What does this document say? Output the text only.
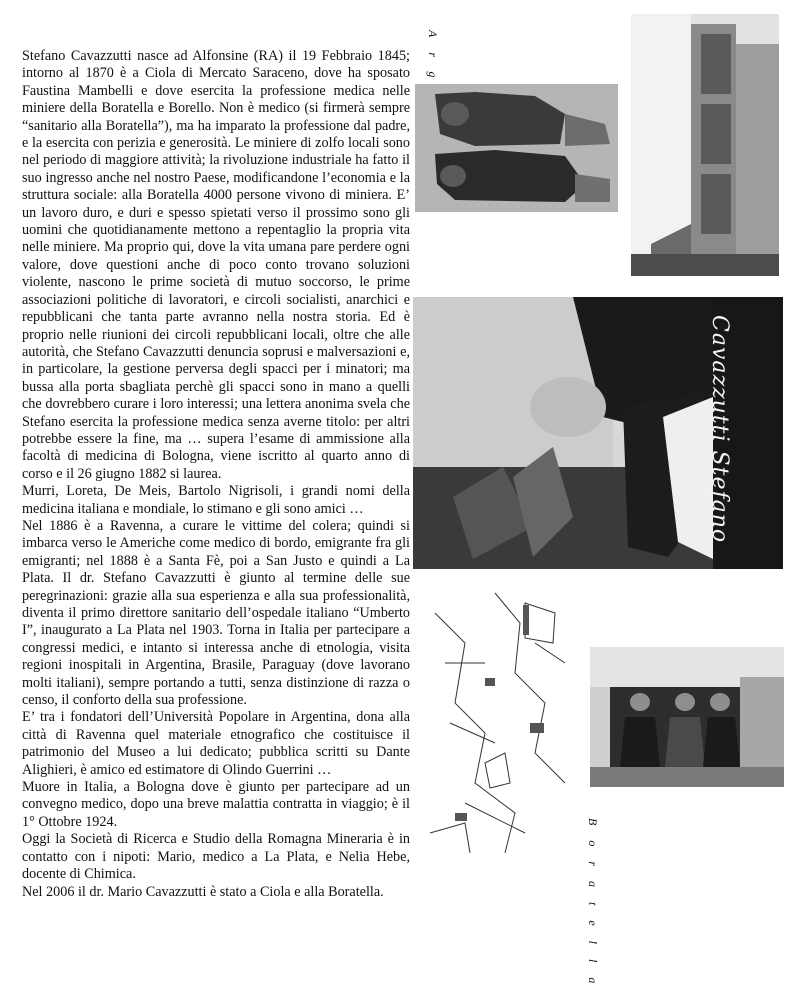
Stefano Cavazzutti nasce ad Alfonsine (RA) il 19 Febbraio 1845; intorno al 1870 è a Ciola di Mercato Saraceno, dove ha sposato Faustina Mambelli e dove esercita la professione medica nelle miniere della Boratella e Borello. Non è medico (si firmerà sempre “sanitario alla Boratella”), ma ha imparato la professione dal padre, e la esercita con perizia e generosità. Le miniere di zolfo locali sono nel periodo di maggiore attività; la rivoluzione industriale ha fatto il suo ingresso anche nel nostro Paese, modificandone l’economia e la struttura sociale: alla Boratella 4000 persone vivono di miniera. E’ un lavoro duro, e duri e spesso spietati verso il prossimo sono gli uomini che quotidianamente mettono a repentaglio la propria vita nelle miniere. Ma proprio qui, dove la vita umana pare perdere ogni valore, dove questioni anche di poco conto trovano soluzioni violente, nascono le prime società di mutuo soccorso, le prime associazioni politiche di lavoratori, e circoli socialisti, anarchici e repubblicani che tanta parte avranno nella nostra storia. Ed è proprio nelle riunioni dei circoli repubblicani locali, oltre che alle autorità, che Stefano Cavazzutti denuncia soprusi e malversazioni e, in particolare, la gestione perversa degli spacci per i minatori; ma bussa alla porta sbagliata perchè gli spacci sono in mano a quelli che dovrebbero curare i loro interessi; una lettera anonima svela che Stefano esercita la professione medica senza averne titolo: per altri potrebbe essere la fine, ma … supera l’esame di ammissione alla facoltà di medicina di Bologna, viene iscritto al quarto anno di corso e il 26 giugno 1882 si laurea.

Murri, Loreta, De Meis, Bartolo Nigrisoli, i grandi nomi della medicina italiana e mondiale, lo stimano e gli sono amici …

Nel 1886 è a Ravenna, a curare le vittime del colera; quindi si imbarca verso le Americhe come medico di bordo, emigrante fra gli emigranti; nel 1888 è a Santa Fè, poi a San Justo e quindi a La Plata. Il dr. Stefano Cavazzutti è giunto al termine delle sue peregrinazioni: grazie alla sua esperienza e alla sua professionalità, diventa il primo direttore sanitario dell’ospedale italiano “Umberto I”, inaugurato a La Plata nel 1903. Torna in Italia per partecipare a congressi medici, e intanto si interessa anche di etnologia, visita regioni inospitali in Argentina, Brasile, Paraguay (dove lavorano molti italiani), sempre portando a tutti, senza distinzione di razza o censo, il conforto della sua professione.

E’ tra i fondatori dell’Università Popolare in Argentina, dona alla città di Ravenna quel materiale etnografico che costituisce il patrimonio del Museo a lui dedicato; pubblica scritti su Dante Alighieri, è amico ed estimatore di Olindo Guerrini …

Muore in Italia, a Bologna dove è giunto per partecipare ad un convegno medico, dopo una breve malattia contratta in viaggio; è il 1° Ottobre 1924.

Oggi la Società di Ricerca e Studio della Romagna Mineraria è in contatto con i nipoti: Mario, medico a La Plata, e Nelia Hebe, docente di Chimica.

Nel 2006 il dr. Mario Cavazzutti è stato a Ciola e alla Boratella.	Boratella
Cavazzutti Stefano
